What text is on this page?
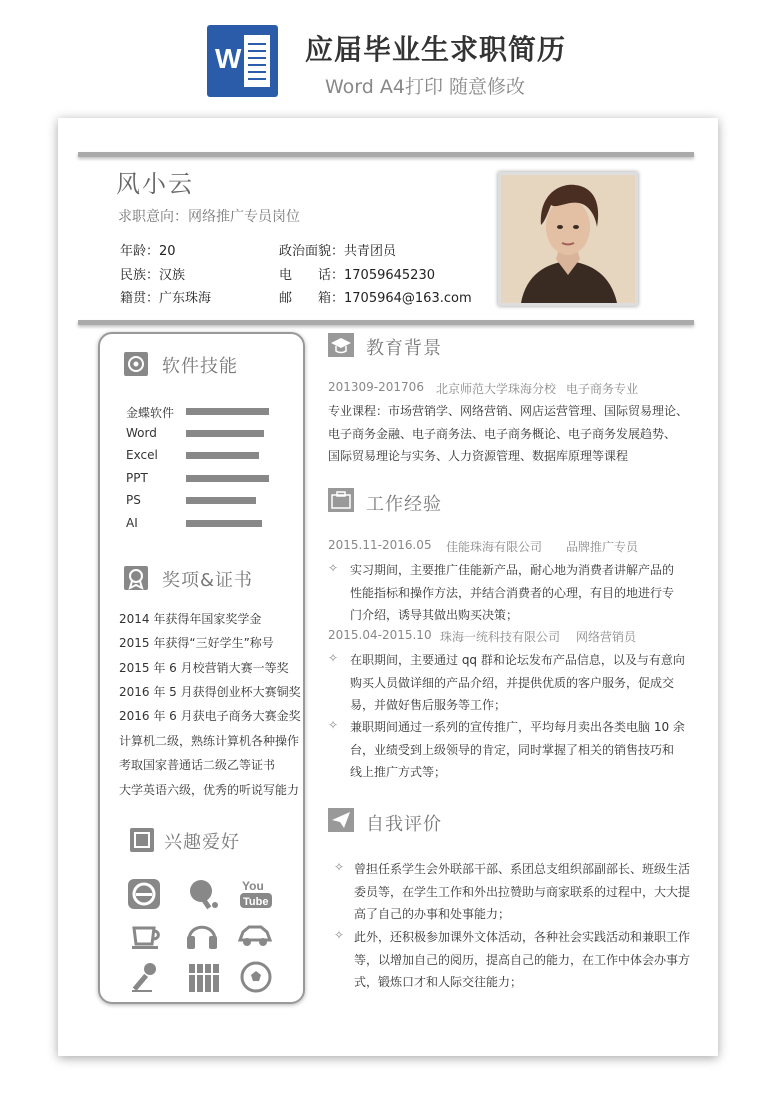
W 应届毕业生求职简历
Word A4打印 随意修改
风小云
求职意向：网络推广专员岗位
年龄：20
民族：汉族
籍贯：广东珠海
政治面貌：共青团员
电　　话：17059645230
邮　　箱：1705964@163.com
软件技能
金蝶软件
Word
Excel
PPT
PS
AI
奖项&证书
2014 年获得年国家奖学金
2015 年获得“三好学生”称号
2015 年 6 月校营销大赛一等奖
2016 年 5 月获得创业杯大赛铜奖
2016 年 6 月获电子商务大赛金奖
计算机二级，熟练计算机各种操作
考取国家普通话二级乙等证书
大学英语六级，优秀的听说写能力
兴趣爱好
You
Tube
教育背景
201309-201706 北京师范大学珠海分校 电子商务专业
专业课程：市场营销学、网络营销、网店运营管理、国际贸易理论、
电子商务金融、电子商务法、电子商务概论、电子商务发展趋势、
国际贸易理论与实务、人力资源管理、数据库原理等课程
工作经验
2015.11-2016.05 佳能珠海有限公司 品牌推广专员
✧ 实习期间，主要推广佳能新产品，耐心地为消费者讲解产品的
性能指标和操作方法，并结合消费者的心理，有目的地进行专
门介绍，诱导其做出购买决策；
2015.04-2015.10 珠海一统科技有限公司 网络营销员
✧ 在职期间，主要通过 qq 群和论坛发布产品信息，以及与有意向
购买人员做详细的产品介绍，并提供优质的客户服务，促成交
易，并做好售后服务等工作；
✧ 兼职期间通过一系列的宣传推广，平均每月卖出各类电脑 10 余
台，业绩受到上级领导的肯定，同时掌握了相关的销售技巧和
线上推广方式等；
自我评价
✧ 曾担任系学生会外联部干部、系团总支组织部副部长、班级生活
委员等，在学生工作和外出拉赞助与商家联系的过程中，大大提
高了自己的办事和处事能力；
✧ 此外，还积极参加课外文体活动，各种社会实践活动和兼职工作
等，以增加自己的阅历，提高自己的能力，在工作中体会办事方
式，锻炼口才和人际交往能力；
